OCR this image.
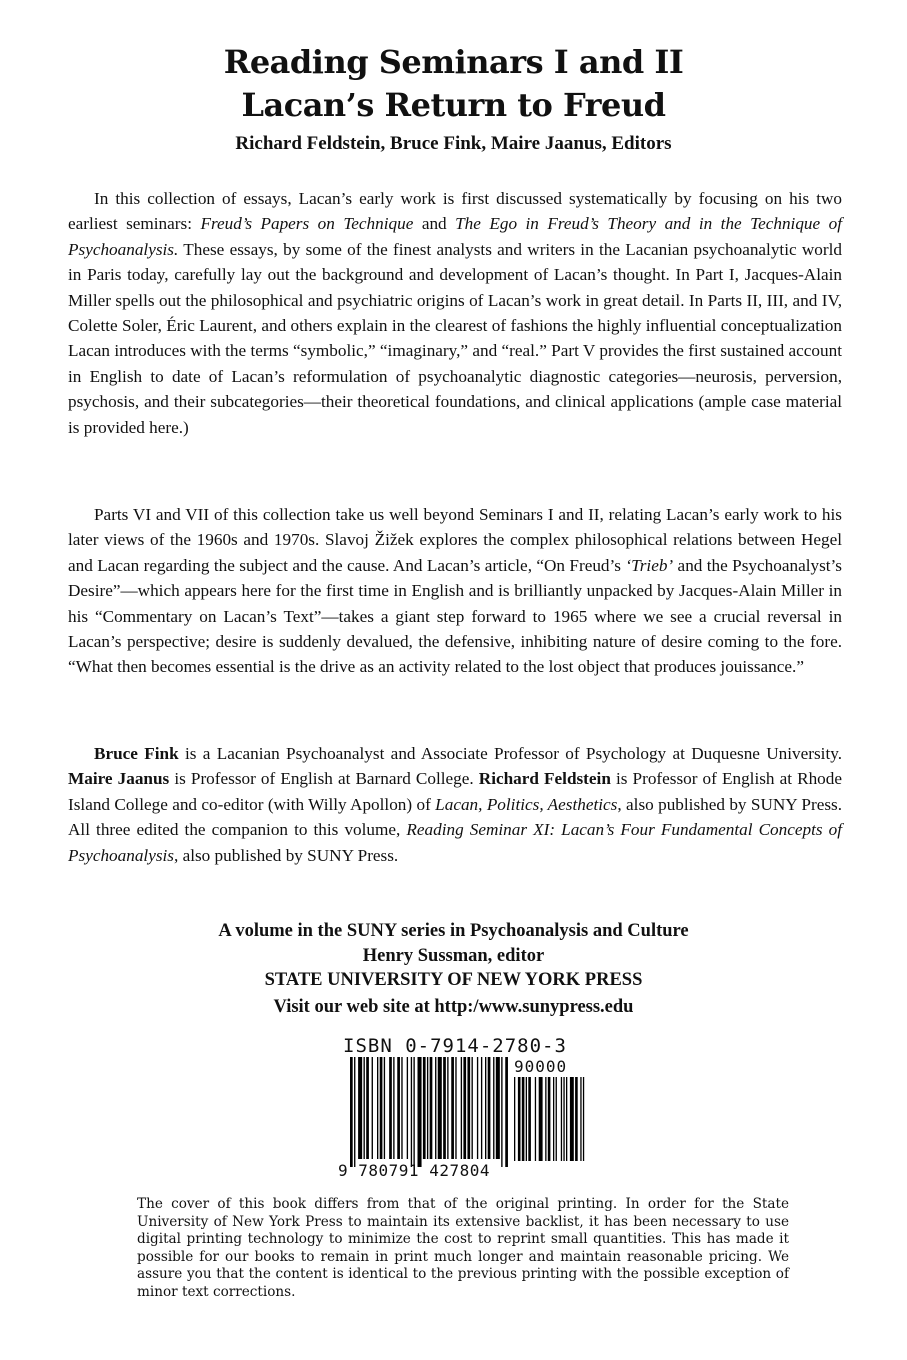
Reading Seminars I and II
Lacan’s Return to Freud

Richard Feldstein, Bruce Fink, Maire Jaanus, Editors

In this collection of essays, Lacan’s early work is first discussed systematically by focusing on his two earliest seminars: Freud’s Papers on Technique and The Ego in Freud’s Theory and in the Technique of Psychoanalysis. These essays, by some of the finest analysts and writers in the Lacanian psychoanalytic world in Paris today, carefully lay out the background and development of Lacan’s thought. In Part I, Jacques-Alain Miller spells out the philosophical and psychiatric origins of Lacan’s work in great detail. In Parts II, III, and IV, Colette Soler, Éric Laurent, and others explain in the clearest of fashions the highly influential conceptualization Lacan introduces with the terms “symbolic,” “imaginary,” and “real.” Part V provides the first sustained account in English to date of Lacan’s reformulation of psychoanalytic diagnostic categories—neurosis, perversion, psychosis, and their subcategories—their theoretical foundations, and clinical applications (ample case material is provided here.)

Parts VI and VII of this collection take us well beyond Seminars I and II, relating Lacan’s early work to his later views of the 1960s and 1970s. Slavoj Žižek explores the complex philosophical relations between Hegel and Lacan regarding the subject and the cause. And Lacan’s article, “On Freud’s ‘Trieb’ and the Psychoanalyst’s Desire”—which appears here for the first time in English and is brilliantly unpacked by Jacques-Alain Miller in his “Commentary on Lacan’s Text”—takes a giant step forward to 1965 where we see a crucial reversal in Lacan’s perspective; desire is suddenly devalued, the defensive, inhibiting nature of desire coming to the fore. “What then becomes essential is the drive as an activity related to the lost object that produces jouissance.”

Bruce Fink is a Lacanian Psychoanalyst and Associate Professor of Psychology at Duquesne University. Maire Jaanus is Professor of English at Barnard College. Richard Feldstein is Professor of English at Rhode Island College and co-editor (with Willy Apollon) of Lacan, Politics, Aesthetics, also published by SUNY Press. All three edited the companion to this volume, Reading Seminar XI: Lacan’s Four Fundamental Concepts of Psychoanalysis, also published by SUNY Press.

A volume in the SUNY series in Psychoanalysis and Culture

Henry Sussman, editor

STATE UNIVERSITY OF NEW YORK PRESS

Visit our web site at http:/www.sunypress.edu

ISBN 0-7914-2780-3
90000
9 780791 427804

The cover of this book differs from that of the original printing. In order for the State University of New York Press to maintain its extensive backlist, it has been necessary to use digital printing technology to minimize the cost to reprint small quantities. This has made it possible for our books to remain in print much longer and maintain reasonable pricing. We assure you that the content is identical to the previous printing with the possible exception of minor text corrections.
